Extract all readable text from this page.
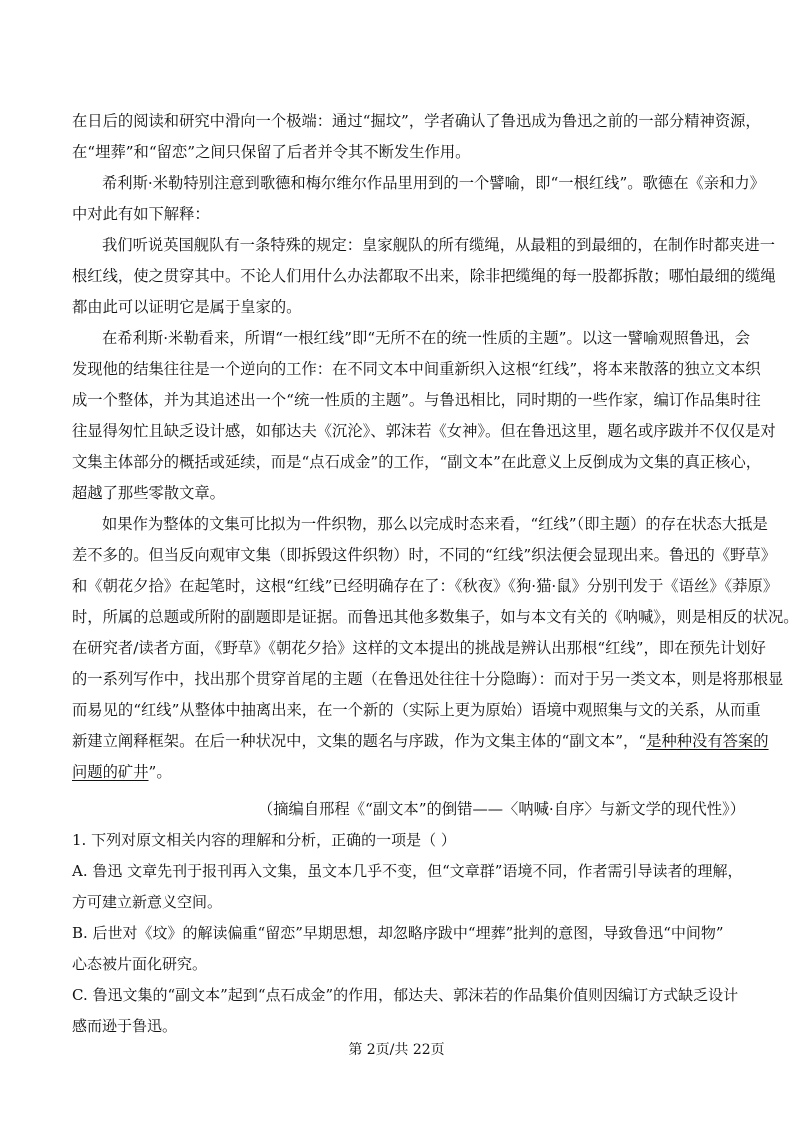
在日后的阅读和研究中滑向一个极端：通过“掘坟”，学者确认了鲁迅成为鲁迅之前的一部分精神资源，
在“埋葬”和“留恋”之间只保留了后者并令其不断发生作用。
希利斯·米勒特别注意到歌德和梅尔维尔作品里用到的一个譬喻，即“一根红线”。歌德在《亲和力》
中对此有如下解释：
我们听说英国舰队有一条特殊的规定：皇家舰队的所有缆绳，从最粗的到最细的，在制作时都夹进一
根红线，使之贯穿其中。不论人们用什么办法都取不出来，除非把缆绳的每一股都拆散；哪怕最细的缆绳
都由此可以证明它是属于皇家的。
在希利斯·米勒看来，所谓“一根红线”即“无所不在的统一性质的主题”。以这一譬喻观照鲁迅，会
发现他的结集往往是一个逆向的工作：在不同文本中间重新织入这根“红线”，将本来散落的独立文本织
成一个整体，并为其追述出一个“统一性质的主题”。与鲁迅相比，同时期的一些作家，编订作品集时往
往显得匆忙且缺乏设计感，如郁达夫《沉沦》、郭沫若《女神》。但在鲁迅这里，题名或序跋并不仅仅是对
文集主体部分的概括或延续，而是“点石成金”的工作，“副文本”在此意义上反倒成为文集的真正核心，
超越了那些零散文章。
如果作为整体的文集可比拟为一件织物，那么以完成时态来看，“红线”（即主题）的存在状态大抵是
差不多的。但当反向观审文集（即拆毁这件织物）时，不同的“红线”织法便会显现出来。鲁迅的《野草》
和《朝花夕拾》在起笔时，这根“红线”已经明确存在了：《秋夜》《狗·猫·鼠》分别刊发于《语丝》《莽原》
时，所属的总题或所附的副题即是证据。而鲁迅其他多数集子，如与本文有关的《呐喊》，则是相反的状况。
在研究者/读者方面，《野草》《朝花夕拾》这样的文本提出的挑战是辨认出那根“红线”，即在预先计划好
的一系列写作中，找出那个贯穿首尾的主题（在鲁迅处往往十分隐晦）：而对于另一类文本，则是将那根显
而易见的“红线”从整体中抽离出来，在一个新的（实际上更为原始）语境中观照集与文的关系，从而重
新建立阐释框架。在后一种状况中，文集的题名与序跋，作为文集主体的“副文本”，“是种种没有答案的
问题的矿井”。
（摘编自邢程《“副文本”的倒错——〈呐喊·自序〉与新文学的现代性》）
1. 下列对原文相关内容的理解和分析，正确的一项是（ ）
A. 鲁迅 文章先刊于报刊再入文集，虽文本几乎不变，但“文章群”语境不同，作者需引导读者的理解，
方可建立新意义空间。
B. 后世对《坟》的解读偏重“留恋”早期思想，却忽略序跋中“埋葬”批判的意图，导致鲁迅“中间物”
心态被片面化研究。
C. 鲁迅文集的“副文本”起到“点石成金”的作用，郁达夫、郭沫若的作品集价值则因编订方式缺乏设计
感而逊于鲁迅。
第 2页/共 22页
